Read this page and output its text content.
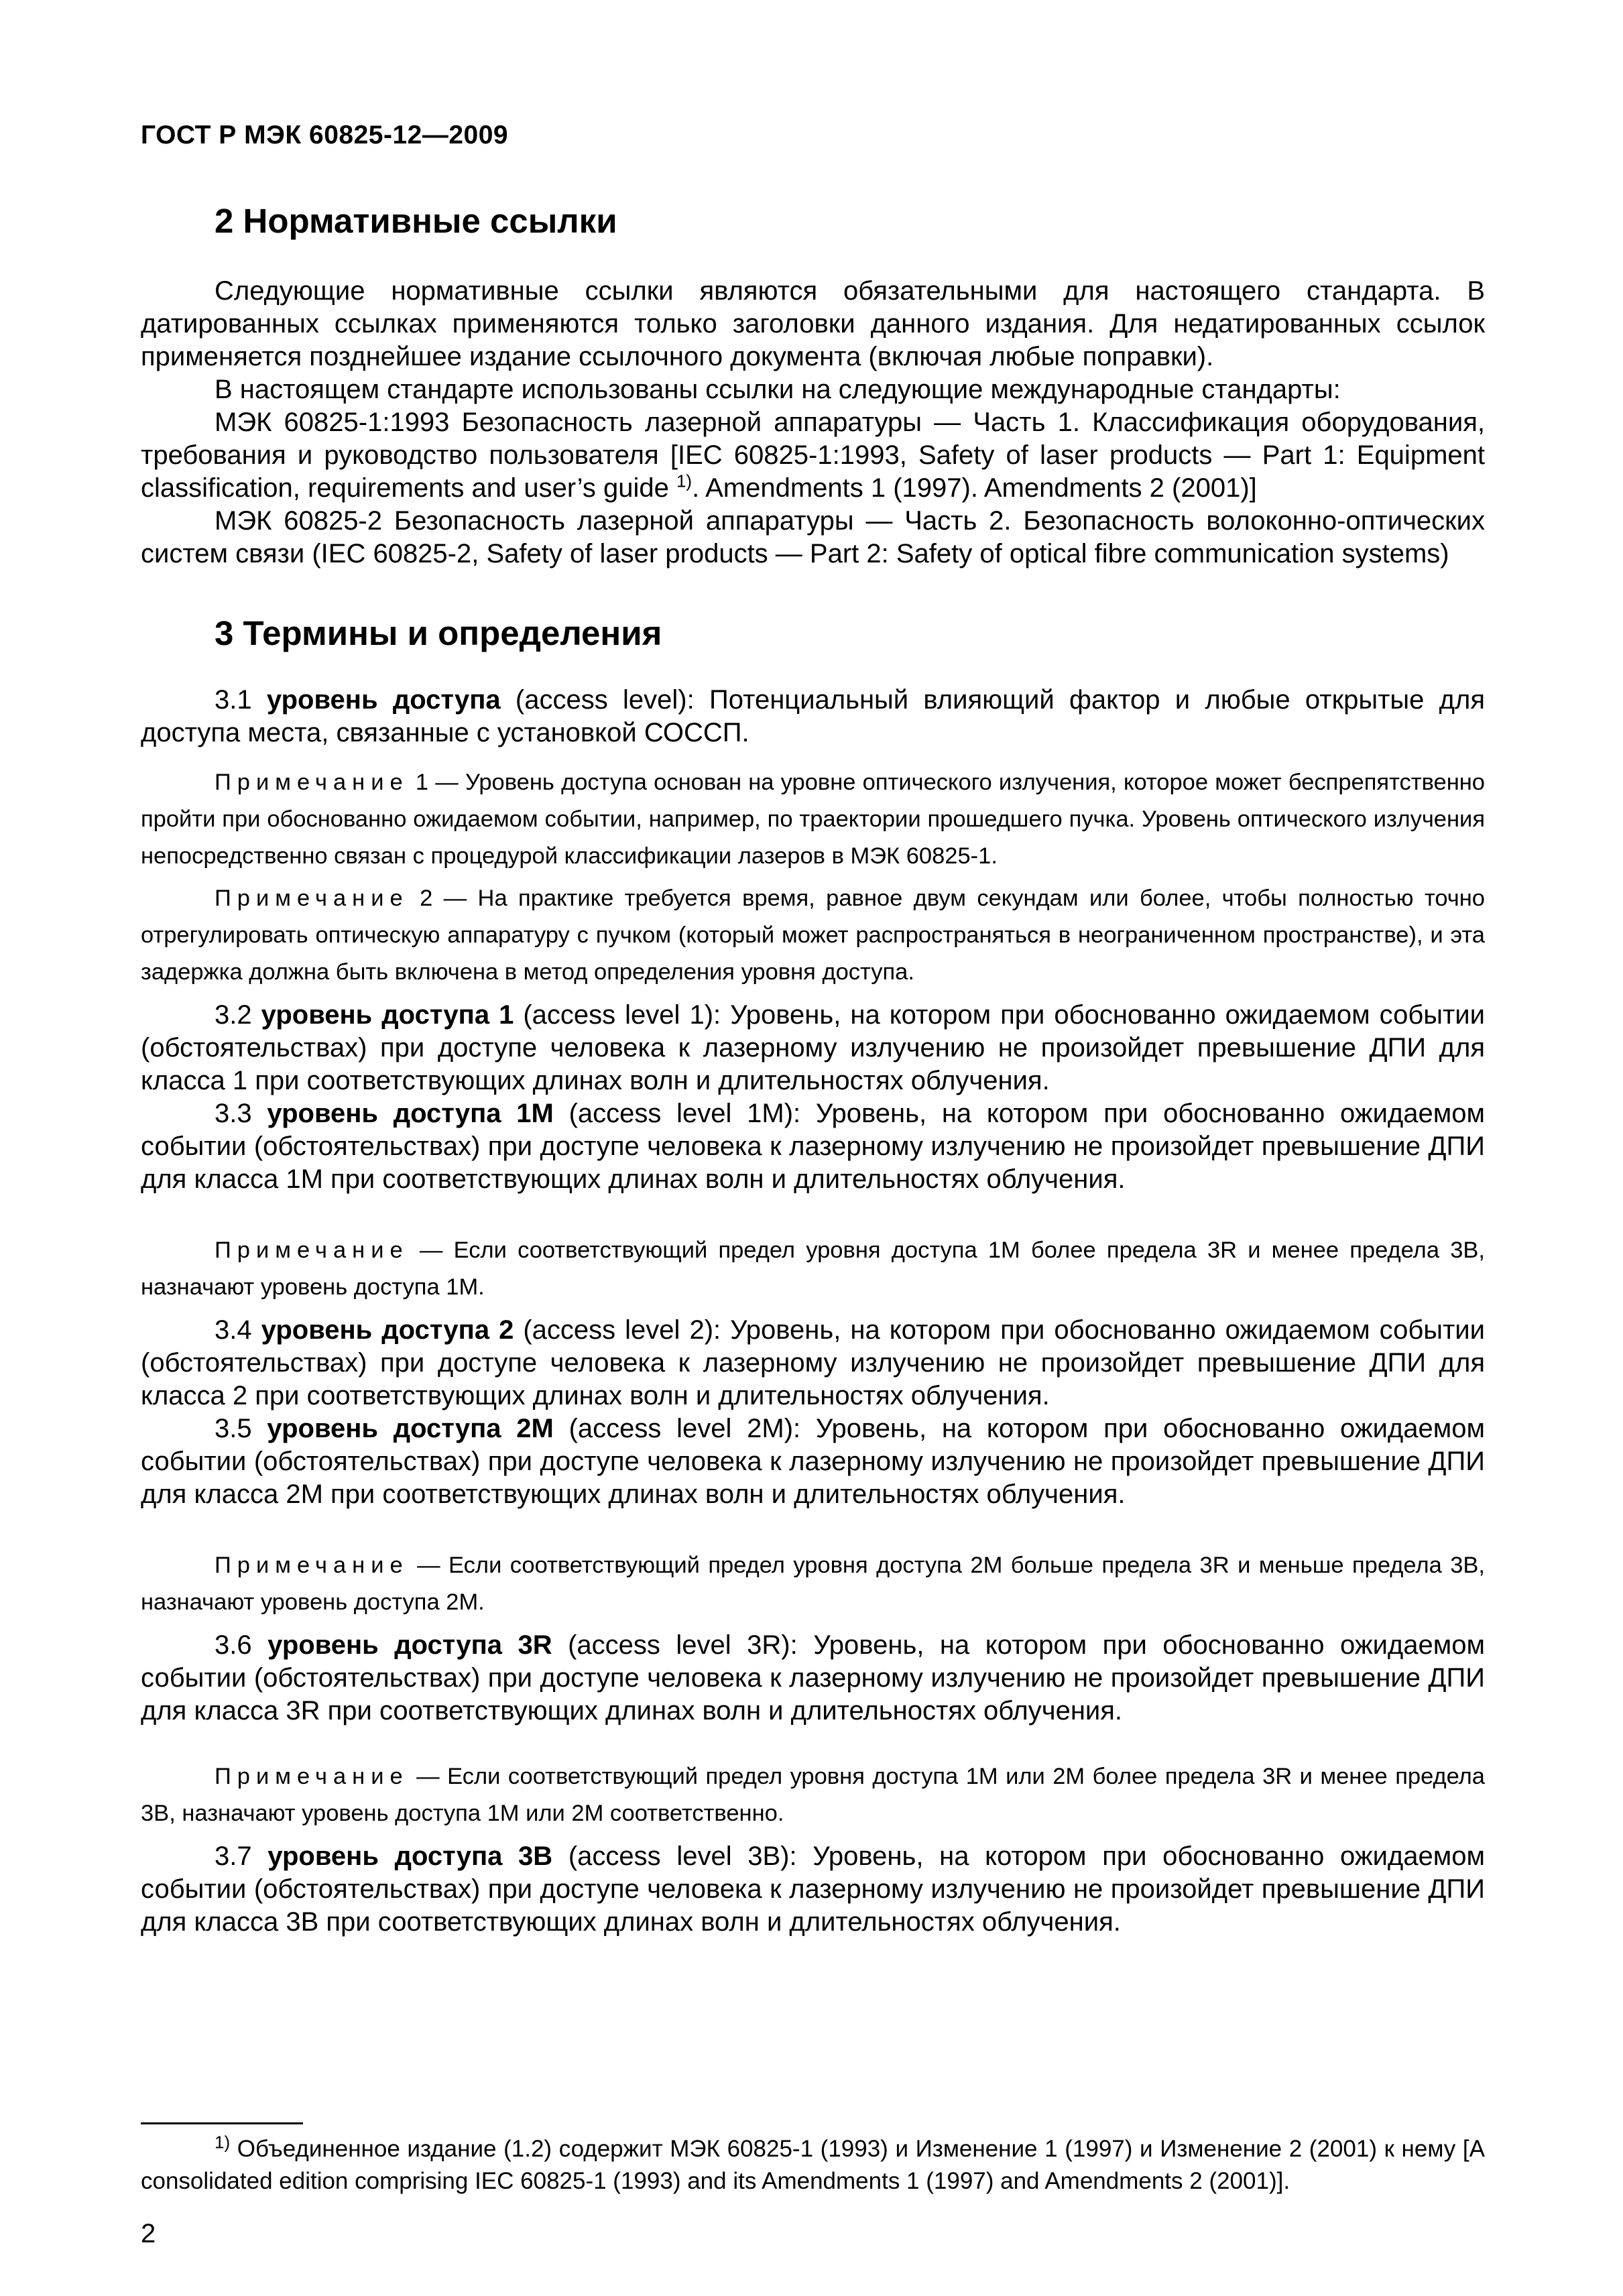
ГОСТ Р МЭК 60825-12—2009
2 Нормативные ссылки

Следующие нормативные ссылки являются обязательными для настоящего стандарта. В датированных ссылках применяются только заголовки данного издания. Для недатированных ссылок применяется позднейшее издание ссылочного документа (включая любые поправки).

В настоящем стандарте использованы ссылки на следующие международные стандарты:

МЭК 60825-1:1993 Безопасность лазерной аппаратуры — Часть 1. Классификация оборудования, требования и руководство пользователя [IEC 60825-1:1993, Safety of laser products — Part 1: Equipment classification, requirements and user’s guide $^{1)}$. Amendments 1 (1997). Amendments 2 (2001)]

МЭК 60825-2 Безопасность лазерной аппаратуры — Часть 2. Безопасность волоконно-оптических систем связи (IEC 60825-2, Safety of laser products — Part 2: Safety of optical fibre communication systems)

3 Термины и определения

3.1 уровень доступа (access level): Потенциальный влияющий фактор и любые открытые для доступа места, связанные с установкой СОССП.

Примечание 1 — Уровень доступа основан на уровне оптического излучения, которое может беспрепятственно пройти при обоснованно ожидаемом событии, например, по траектории прошедшего пучка. Уровень оптического излучения непосредственно связан с процедурой классификации лазеров в МЭК 60825-1.

Примечание 2 — На практике требуется время, равное двум секундам или более, чтобы полностью точно отрегулировать оптическую аппаратуру с пучком (который может распространяться в неограниченном пространстве), и эта задержка должна быть включена в метод определения уровня доступа.

3.2 уровень доступа 1 (access level 1): Уровень, на котором при обоснованно ожидаемом событии (обстоятельствах) при доступе человека к лазерному излучению не произойдет превышение ДПИ для класса 1 при соответствующих длинах волн и длительностях облучения.

3.3 уровень доступа 1М (access level 1M): Уровень, на котором при обоснованно ожидаемом событии (обстоятельствах) при доступе человека к лазерному излучению не произойдет превышение ДПИ для класса 1М при соответствующих длинах волн и длительностях облучения.

Примечание — Если соответствующий предел уровня доступа 1М более предела 3R и менее предела 3В, назначают уровень доступа 1М.

3.4 уровень доступа 2 (access level 2): Уровень, на котором при обоснованно ожидаемом событии (обстоятельствах) при доступе человека к лазерному излучению не произойдет превышение ДПИ для класса 2 при соответствующих длинах волн и длительностях облучения.

3.5 уровень доступа 2М (access level 2M): Уровень, на котором при обоснованно ожидаемом событии (обстоятельствах) при доступе человека к лазерному излучению не произойдет превышение ДПИ для класса 2М при соответствующих длинах волн и длительностях облучения.

Примечание — Если соответствующий предел уровня доступа 2М больше предела 3R и меньше предела 3В, назначают уровень доступа 2М.

3.6 уровень доступа 3R (access level 3R): Уровень, на котором при обоснованно ожидаемом событии (обстоятельствах) при доступе человека к лазерному излучению не произойдет превышение ДПИ для класса 3R при соответствующих длинах волн и длительностях облучения.

Примечание — Если соответствующий предел уровня доступа 1М или 2М более предела 3R и менее предела 3В, назначают уровень доступа 1М или 2М соответственно.

3.7 уровень доступа 3В (access level 3B): Уровень, на котором при обоснованно ожидаемом событии (обстоятельствах) при доступе человека к лазерному излучению не произойдет превышение ДПИ для класса 3В при соответствующих длинах волн и длительностях облучения.

$^{1)}$ Объединенное издание (1.2) содержит МЭК 60825-1 (1993) и Изменение 1 (1997) и Изменение 2 (2001) к нему [A consolidated edition comprising IEC 60825-1 (1993) and its Amendments 1 (1997) and Amendments 2 (2001)].

2
